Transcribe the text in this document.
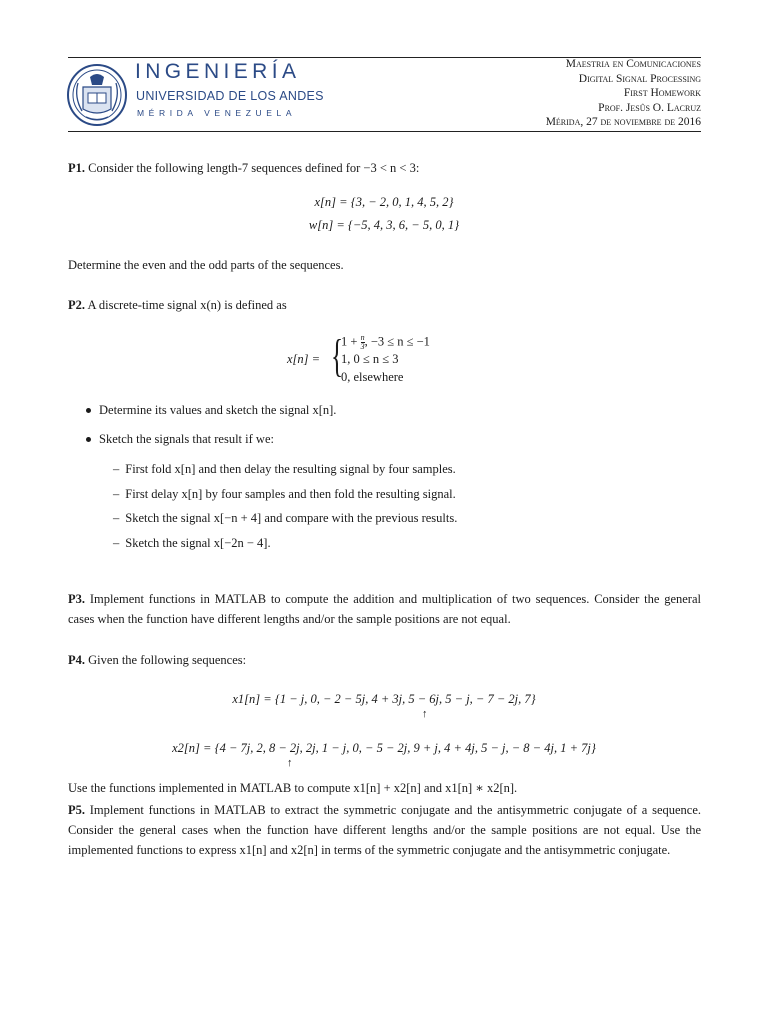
INGENIERÍA
UNIVERSIDAD DE LOS ANDES
MÉRIDA VENEZUELA
Maestria en Comunicaciones
Digital Signal Processing
First Homework
Prof. Jesûs O. Lacruz
Mérida, 27 de noviembre de 2016
P1. Consider the following length-7 sequences defined for −3 < n < 3:
x[n] = {3, − 2, 0, 1, 4, 5, 2}
w[n] = {−5, 4, 3, 6, − 5, 0, 1}
Determine the even and the odd parts of the sequences.
P2. A discrete-time signal x(n) is defined as
x[n] = {
$1 + \frac{n}{3}$ , −3 ≤ n ≤ −1
1, 0 ≤ n ≤ 3
0, elsewhere
Determine its values and sketch the signal x[n].
Sketch the signals that result if we:
– First fold x[n] and then delay the resulting signal by four samples.
– First delay x[n] by four samples and then fold the resulting signal.
– Sketch the signal x[−n + 4] and compare with the previous results.
– Sketch the signal x[−2n − 4].
P3. Implement functions in MATLAB to compute the addition and multiplication of two sequences. Consider the general cases when the function have different lengths and/or the sample positions are not equal.
P4. Given the following sequences:
x1[n] = {1 − j, 0, − 2 − 5j, 4 + 3j, 5 − 6j, 5 − j, − 7 − 2j, 7}
↑
x2[n] = {4 − 7j, 2, 8 − 2j, 2j, 1 − j, 0, − 5 − 2j, 9 + j, 4 + 4j, 5 − j, − 8 − 4j, 1 + 7j}
↑
Use the functions implemented in MATLAB to compute x1[n] + x2[n] and x1[n] ∗ x2[n].
P5. Implement functions in MATLAB to extract the symmetric conjugate and the antisymmetric conjugate of a sequence. Consider the general cases when the function have different lengths and/or the sample positions are not equal. Use the implemented functions to express x1[n] and x2[n] in terms of the symmetric conjugate and the antisymmetric conjugate.
